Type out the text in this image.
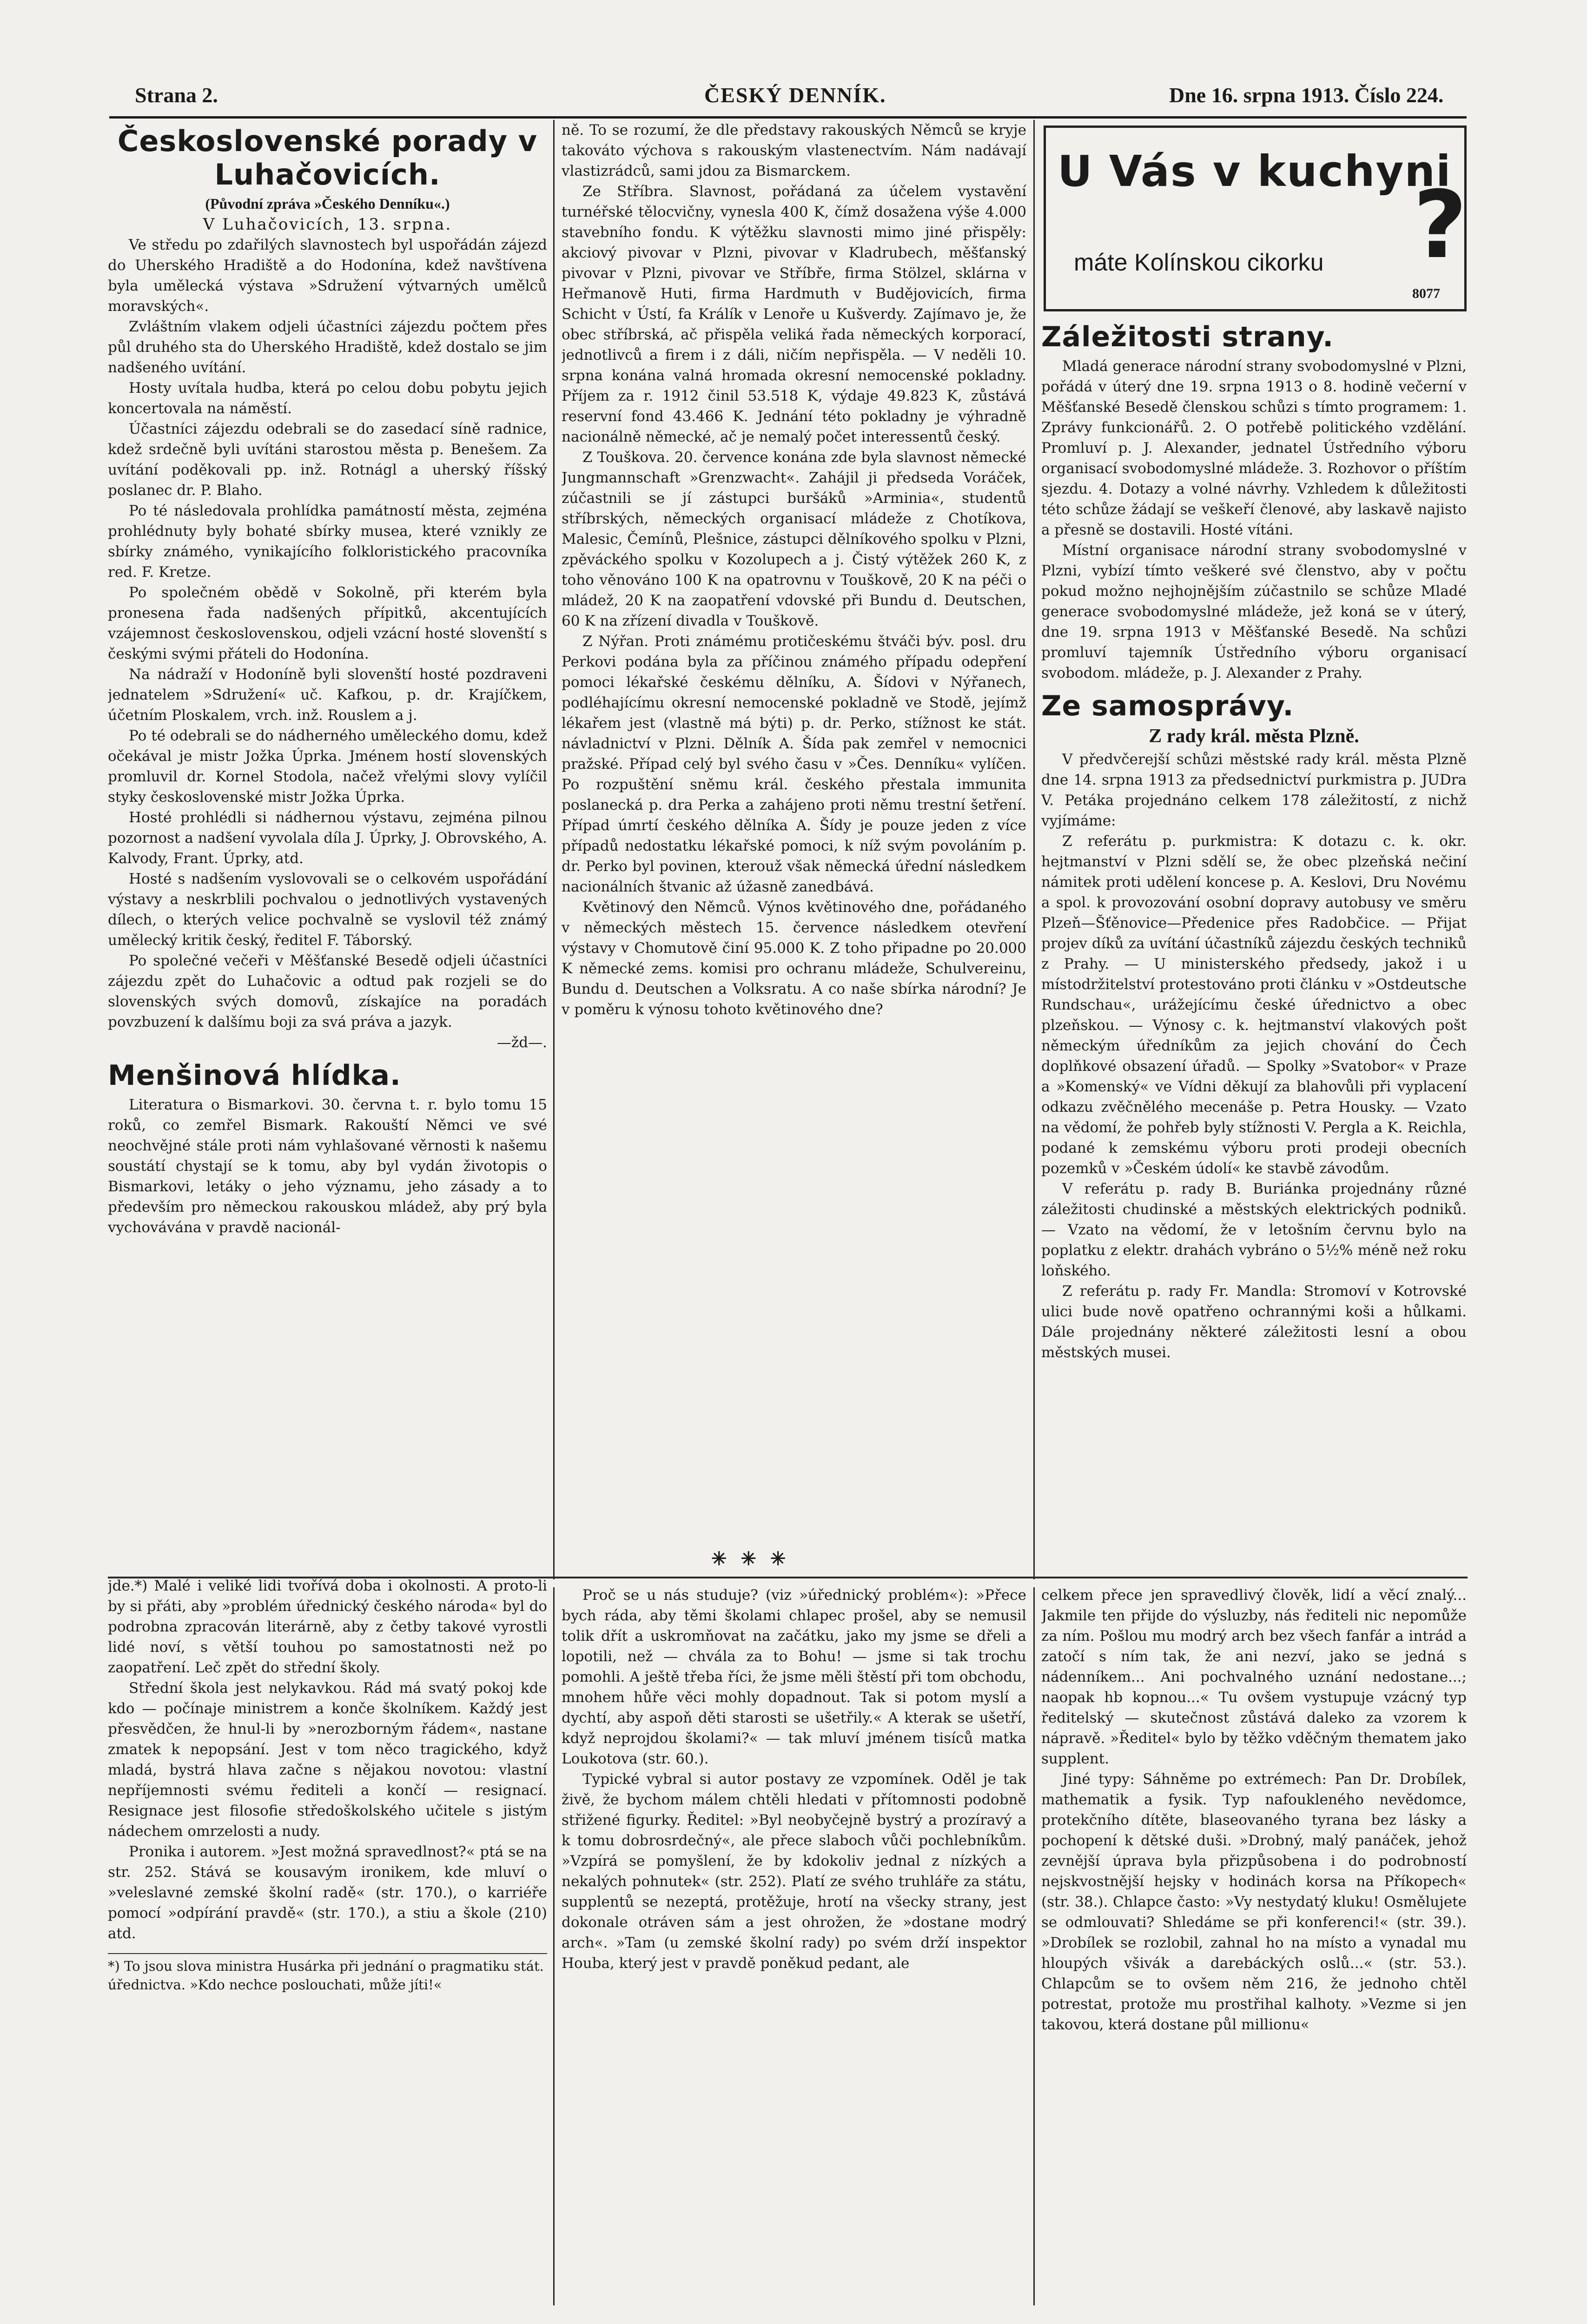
Strana 2.	ČESKÝ DENNÍK.	Dne 16. srpna 1913. Číslo 224.
Československé porady v Luhačovicích.
(Původní zpráva »Českého Denníku«.)
V Luhačovicích, 13. srpna.

Ve středu po zdařilých slavnostech byl uspořádán zájezd do Uherského Hradiště a do Hodonína, kdež navštívena byla umělecká výstava »Sdružení výtvarných umělců moravských«.

Zvláštním vlakem odjeli účastníci zájezdu počtem přes půl druhého sta do Uherského Hradiště, kdež dostalo se jim nadšeného uvítání.

Hosty uvítala hudba, která po celou dobu pobytu jejich koncertovala na náměstí.

Účastníci zájezdu odebrali se do zasedací síně radnice, kdež srdečně byli uvítáni starostou města p. Benešem. Za uvítání poděkovali pp. inž. Rotnágl a uherský říšský poslanec dr. P. Blaho.

Po té následovala prohlídka památností města, zejména prohlédnuty byly bohaté sbírky musea, které vznikly ze sbírky známého, vynikajícího folkloristického pracovníka red. F. Kretze.

Po společném obědě v Sokolně, při kterém byla pronesena řada nadšených přípitků, akcentujících vzájemnost československou, odjeli vzácní hosté slovenští s českými svými přáteli do Hodonína.

Na nádraží v Hodoníně byli slovenští hosté pozdraveni jednatelem »Sdružení« uč. Kafkou, p. dr. Krajíčkem, účetním Ploskalem, vrch. inž. Rouslem a j.

Po té odebrali se do nádherného uměleckého domu, kdež očekával je mistr Jožka Úprka. Jménem hostí slovenských promluvil dr. Kornel Stodola, načež vřelými slovy vylíčil styky československé mistr Jožka Úprka.

Hosté prohlédli si nádhernou výstavu, zejména pilnou pozornost a nadšení vyvolala díla J. Úprky, J. Obrovského, A. Kalvody, Frant. Úprky, atd.

Hosté s nadšením vyslovovali se o celkovém uspořádání výstavy a neskrblili pochvalou o jednotlivých vystavených dílech, o kterých velice pochvalně se vyslovil též známý umělecký kritik český, ředitel F. Táborský.

Po společné večeři v Měšťanské Besedě odjeli účastníci zájezdu zpět do Luhačovic a odtud pak rozjeli se do slovenských svých domovů, získajíce na poradách povzbuzení k dalšímu boji za svá práva a jazyk.

—žd—.

Menšinová hlídka.

Literatura o Bismarkovi. 30. června t. r. bylo tomu 15 roků, co zemřel Bismark. Rakouští Němci ve své neochvějné stále proti nám vyhlašované věrnosti k našemu soustátí chystají se k tomu, aby byl vydán životopis o Bismarkovi, letáky o jeho významu, jeho zásady a to především pro německou rakouskou mládež, aby prý byla vychovávána v pravdě nacionál-

ně. To se rozumí, že dle představy rakouských Němců se kryje takováto výchova s rakouským vlastenectvím. Nám nadávají vlastizrádců, sami jdou za Bismarckem.

Ze Stříbra. Slavnost, pořádaná za účelem vystavění turnéřské tělocvičny, vynesla 400 K, čímž dosažena výše 4.000 stavebního fondu. K výtěžku slavnosti mimo jiné přispěly: akciový pivovar v Plzni, pivovar v Kladrubech, měšťanský pivovar v Plzni, pivovar ve Stříbře, firma Stölzel, sklárna v Heřmanově Huti, firma Hardmuth v Budějovicích, firma Schicht v Ústí, fa Králík v Lenoře u Kušverdy. Zajímavo je, že obec stříbrská, ač přispěla veliká řada německých korporací, jednotlivců a firem i z dáli, ničím nepřispěla. — V neděli 10. srpna konána valná hromada okresní nemocenské pokladny. Příjem za r. 1912 činil 53.518 K, výdaje 49.823 K, zůstává reservní fond 43.466 K. Jednání této pokladny je výhradně nacionálně německé, ač je nemalý počet interessentů český.

Z Touškova. 20. července konána zde byla slavnost německé Jungmannschaft »Grenzwacht«. Zahájil ji předseda Voráček, zúčastnili se jí zástupci buršáků »Arminia«, studentů stříbrských, německých organisací mládeže z Chotíkova, Malesic, Čemínů, Plešnice, zástupci dělníkového spolku v Plzni, zpěváckého spolku v Kozolupech a j. Čistý výtěžek 260 K, z toho věnováno 100 K na opatrovnu v Touškově, 20 K na péči o mládež, 20 K na zaopatření vdovské při Bundu d. Deutschen, 60 K na zřízení divadla v Touškově.

Z Nýřan. Proti známému protičeskému štváči býv. posl. dru Perkovi podána byla za příčinou známého případu odepření pomoci lékařské českému dělníku, A. Šídovi v Nýřanech, podléhajícímu okresní nemocenské pokladně ve Stodě, jejímž lékařem jest (vlastně má býti) p. dr. Perko, stížnost ke stát. návladnictví v Plzni. Dělník A. Šída pak zemřel v nemocnici pražské. Případ celý byl svého času v »Čes. Denníku« vylíčen. Po rozpuštění sněmu král. českého přestala immunita poslanecká p. dra Perka a zahájeno proti němu trestní šetření. Případ úmrtí českého dělníka A. Šídy je pouze jeden z více případů nedostatku lékařské pomoci, k níž svým povoláním p. dr. Perko byl povinen, kterouž však německá úřední následkem nacionálních štvanic až úžasně zanedbává.

Květinový den Němců. Výnos květinového dne, pořádaného v německých městech 15. července následkem otevření výstavy v Chomutově činí 95.000 K. Z toho připadne po 20.000 K německé zems. komisi pro ochranu mládeže, Schulvereinu, Bundu d. Deutschen a Volksratu. A co naše sbírka národní? Je v poměru k výnosu tohoto květinového dne?

✳ ✳ ✳
U Vás v kuchyni
?
máte Kolínskou cikorku
8077
Záležitosti strany.

Mladá generace národní strany svobodomyslné v Plzni, pořádá v úterý dne 19. srpna 1913 o 8. hodině večerní v Měšťanské Besedě členskou schůzi s tímto programem: 1. Zprávy funkcionářů. 2. O potřebě politického vzdělání. Promluví p. J. Alexander, jednatel Ústředního výboru organisací svobodomyslné mládeže. 3. Rozhovor o příštím sjezdu. 4. Dotazy a volné návrhy. Vzhledem k důležitosti této schůze žádají se veškeří členové, aby laskavě najisto a přesně se dostavili. Hosté vítáni.

Místní organisace národní strany svobodomyslné v Plzni, vybízí tímto veškeré své členstvo, aby v počtu pokud možno nejhojnějším zúčastnilo se schůze Mladé generace svobodomyslné mládeže, jež koná se v úterý, dne 19. srpna 1913 v Měšťanské Besedě. Na schůzi promluví tajemník Ústředního výboru organisací svobodom. mládeže, p. J. Alexander z Prahy.

Ze samosprávy.
Z rady král. města Plzně.

V předvčerejší schůzi městské rady král. města Plzně dne 14. srpna 1913 za předsednictví purkmistra p. JUDra V. Petáka projednáno celkem 178 záležitostí, z nichž vyjímáme:

Z referátu p. purkmistra: K dotazu c. k. okr. hejtmanství v Plzni sdělí se, že obec plzeňská nečiní námitek proti udělení koncese p. A. Keslovi, Dru Novému a spol. k provozování osobní dopravy autobusy ve směru Plzeň—Šťěnovice—Předenice přes Radobčice. — Přijat projev díků za uvítání účastníků zájezdu českých techniků z Prahy. — U ministerského předsedy, jakož i u místodržitelství protestováno proti článku v »Ostdeutsche Rundschau«, urážejícímu české úřednictvo a obec plzeňskou. — Výnosy c. k. hejtmanství vlakových pošt německým úředníkům za jejich chování do Čech doplňkové obsazení úřadů. — Spolky »Svatobor« v Praze a »Komenský« ve Vídni děkují za blahovůli při vyplacení odkazu zvěčnělého mecenáše p. Petra Housky. — Vzato na vědomí, že pohřeb byly stížnosti V. Pergla a K. Reichla, podané k zemskému výboru proti prodeji obecních pozemků v »Českém údolí« ke stavbě závodům.

V referátu p. rady B. Buriánka projednány různé záležitosti chudinské a městských elektrických podniků. — Vzato na vědomí, že v letošním červnu bylo na poplatku z elektr. drahách vybráno o 5½% méně než roku loňského.

Z referátu p. rady Fr. Mandla: Stromoví v Kotrovské ulici bude nově opatřeno ochrannými koši a hůlkami. Dále projednány některé záležitosti lesní a obou městských musei.

jde.*) Malé i veliké lidi tvořívá doba i okolnosti. A proto-li by si přáti, aby »problém úřednický českého národa« byl do podrobna zpracován literárně, aby z četby takové vyrostli lidé noví, s větší touhou po samostatnosti než po zaopatření. Leč zpět do střední školy.

Střední škola jest nelykavkou. Rád má svatý pokoj kde kdo — počínaje ministrem a konče školníkem. Každý jest přesvědčen, že hnul-li by »nerozborným řádem«, nastane zmatek k nepopsání. Jest v tom něco tragického, když mladá, bystrá hlava začne s nějakou novotou: vlastní nepříjemnosti svému řediteli a končí — resignací. Resignace jest filosofie středoškolského učitele s jistým nádechem omrzelosti a nudy.

Pronika i autorem. »Jest možná spravedlnost?« ptá se na str. 252. Stává se kousavým ironikem, kde mluví o »veleslavné zemské školní radě« (str. 170.), o karriéře pomocí »odpírání pravdě« (str. 170.), a stiu a škole (210) atd.

*) To jsou slova ministra Husárka při jednání o pragmatiku stát. úřednictva. »Kdo nechce poslouchati, může jíti!«

Proč se u nás studuje? (viz »úřednický problém«): »Přece bych ráda, aby těmi školami chlapec prošel, aby se nemusil tolik dřít a uskromňovat na začátku, jako my jsme se dřeli a lopotili, než — chvála za to Bohu! — jsme si tak trochu pomohli. A ještě třeba říci, že jsme měli štěstí při tom obchodu, mnohem hůře věci mohly dopadnout. Tak si potom myslí a dychtí, aby aspoň děti starosti se ušetřily.« A kterak se ušetří, když neprojdou školami?« — tak mluví jménem tisíců matka Loukotova (str. 60.).

Typické vybral si autor postavy ze vzpomínek. Oděl je tak živě, že bychom málem chtěli hledati v přítomnosti podobně střižené figurky. Ředitel: »Byl neobyčejně bystrý a prozíravý a k tomu dobrosrdečný«, ale přece slaboch vůči pochlebníkům. »Vzpírá se pomyšlení, že by kdokoliv jednal z nízkých a nekalých pohnutek« (str. 252). Platí ze svého truhláře za státu, supplentů se nezeptá, protěžuje, hrotí na všecky strany, jest dokonale otráven sám a jest ohrožen, že »dostane modrý arch«. »Tam (u zemské školní rady) po svém drží inspektor Houba, který jest v pravdě poněkud pedant, ale

celkem přece jen spravedlivý člověk, lidí a věcí znalý... Jakmile ten přijde do výsluzby, nás řediteli nic nepomůže za ním. Pošlou mu modrý arch bez všech fanfár a intrád a zatočí s ním tak, že ani nezví, jako se jedná s nádenníkem... Ani pochvalného uznání nedostane...; naopak hb kopnou...« Tu ovšem vystupuje vzácný typ ředitelský — skutečnost zůstává daleko za vzorem k nápravě. »Ředitel« bylo by těžko vděčným thematem jako supplent.

Jiné typy: Sáhněme po extrémech: Pan Dr. Drobílek, mathematik a fysik. Typ nafoukleného nevědomce, protekčního dítěte, blaseovaného tyrana bez lásky a pochopení k dětské duši. »Drobný, malý panáček, jehož zevnější úprava byla přizpůsobena i do podrobností nejskvostnější hejsky v hodinách korsa na Příkopech« (str. 38.). Chlapce často: »Vy nestydatý kluku! Osmělujete se odmlouvati? Shledáme se při konferenci!« (str. 39.). »Drobílek se rozlobil, zahnal ho na místo a vynadal mu hloupých všivák a darebáckých oslů...« (str. 53.). Chlapcům se to ovšem něm 216, že jednoho chtěl potrestat, protože mu prostřihal kalhoty. »Vezme si jen takovou, která dostane půl millionu«
